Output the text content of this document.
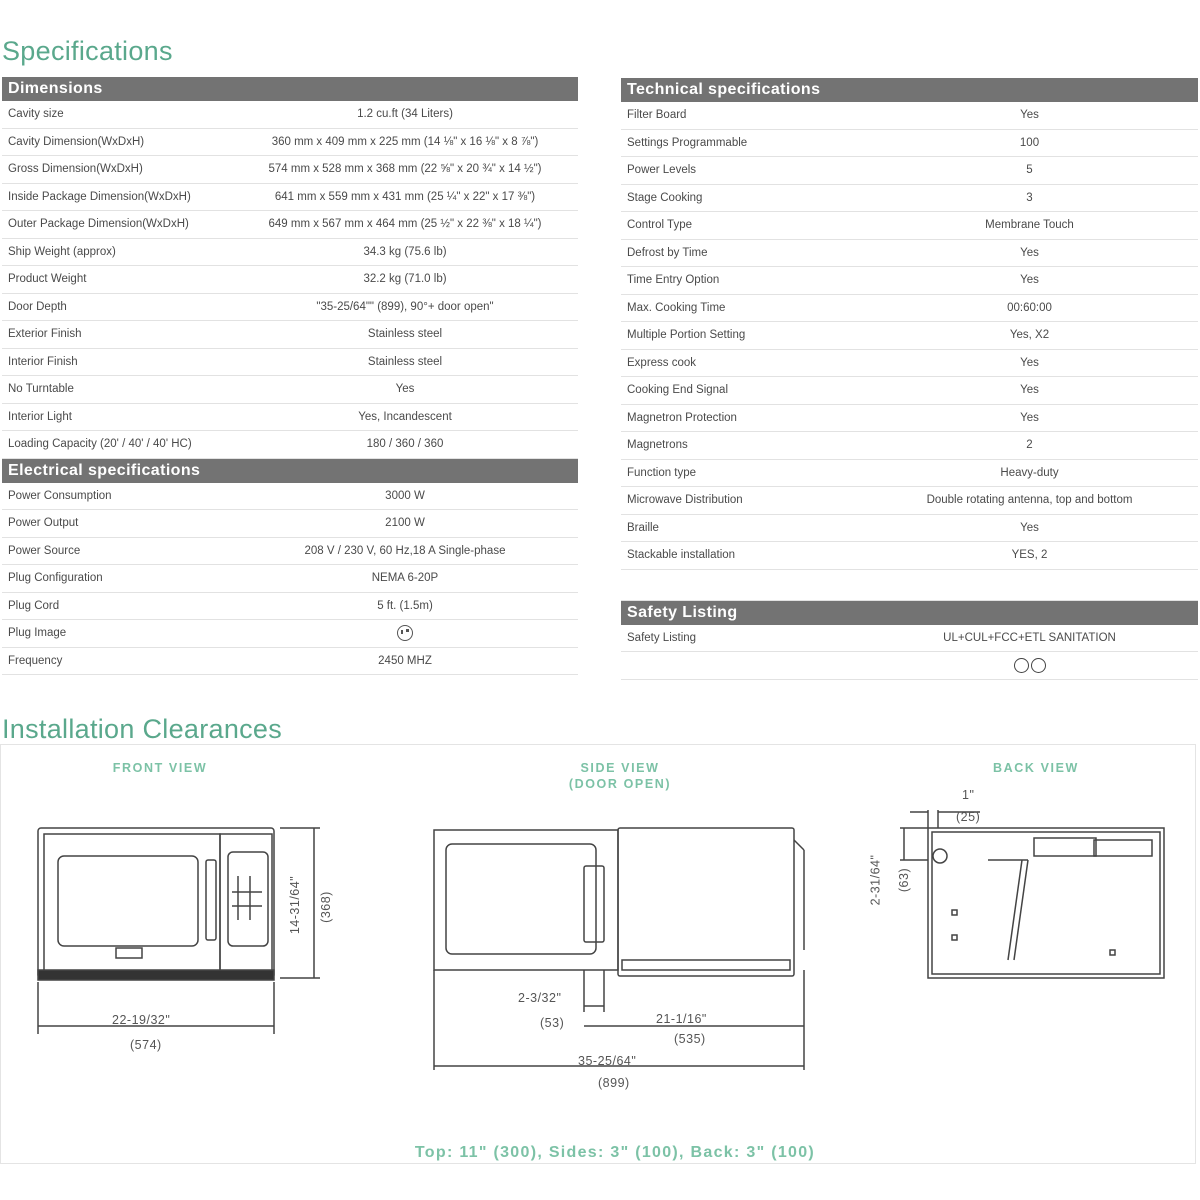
Specifications
Dimensions	
Cavity size	1.2 cu.ft (34 Liters)
Cavity Dimension(WxDxH)	360 mm x 409 mm x 225 mm (14 ⅛" x 16 ⅛" x 8 ⅞")
Gross Dimension(WxDxH)	574 mm x 528 mm x 368 mm (22 ⅝" x 20 ¾" x 14 ½")
Inside Package Dimension(WxDxH)	641 mm x 559 mm x 431 mm (25 ¼" x 22" x 17 ⅜")
Outer Package Dimension(WxDxH)	649 mm x 567 mm x 464 mm (25 ½" x 22 ⅜" x 18 ¼")
Ship Weight (approx)	34.3 kg (75.6 lb)
Product Weight	32.2 kg (71.0 lb)
Door Depth	"35-25/64"" (899), 90°+ door open"
Exterior Finish	Stainless steel
Interior Finish	Stainless steel
No Turntable	Yes
Interior Light	Yes, Incandescent
Loading Capacity (20' / 40' / 40' HC)	180 / 360 / 360
Electrical specifications	
Power Consumption	3000 W
Power Output	2100 W
Power Source	208 V / 230 V, 60 Hz,18 A Single-phase
Plug Configuration	NEMA 6-20P
Plug Cord	5 ft. (1.5m)
Plug Image	
Frequency	2450 MHZ
Technical specifications	
Filter Board	Yes
Settings Programmable	100
Power Levels	5
Stage Cooking	3
Control Type	Membrane Touch
Defrost by Time	Yes
Time Entry Option	Yes
Max. Cooking Time	00:60:00
Multiple Portion Setting	Yes, X2
Express cook	Yes
Cooking End Signal	Yes
Magnetron Protection	Yes
Magnetrons	2
Function type	Heavy-duty
Microwave Distribution	Double rotating antenna, top and bottom
Braille	Yes
Stackable installation	YES, 2

Safety Listing	
Safety Listing	UL+CUL+FCC+ETL SANITATION

Installation Clearances
FRONT VIEW	SIDE VIEW
(DOOR OPEN)
BACK VIEW
22-19/32"
(574)
14-31/64" (368)
2-3/32"
(53)	21-1/16"
(535)
35-25/64"
(899)
1"
(25)
2-31/64" (63)
Top: 11" (300), Sides: 3" (100), Back: 3" (100)
